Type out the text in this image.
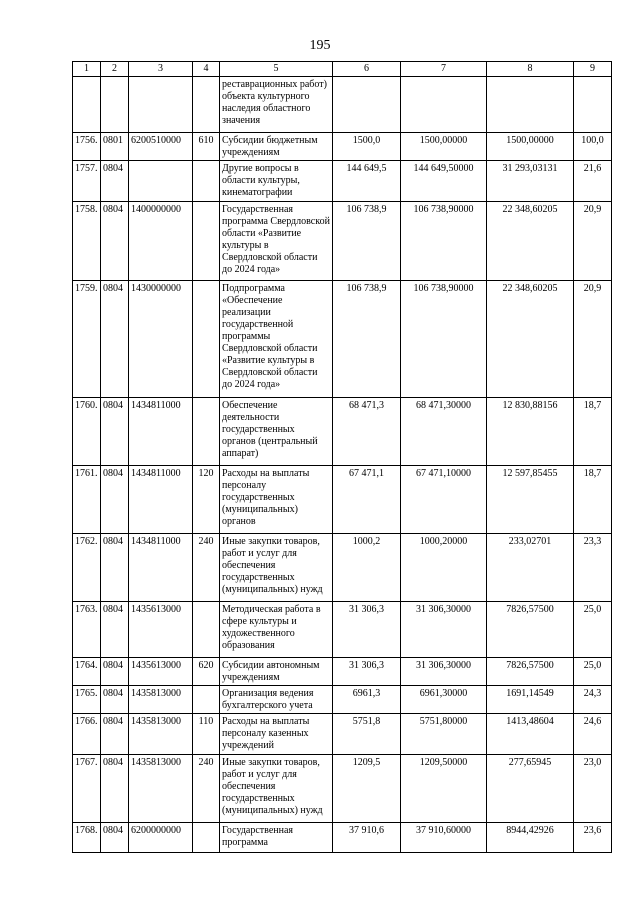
195
1	2	3	4	5	6	7	8	9
				реставрационных работ) объекта культурного наследия областного значения				
1756.	0801	6200510000	610	Субсидии бюджетным учреждениям	1500,0	1500,00000	1500,00000	100,0
1757.	0804			Другие вопросы в области культуры, кинематографии	144 649,5	144 649,50000	31 293,03131	21,6
1758.	0804	1400000000		Государственная программа Свердловской области «Развитие культуры в Свердловской области до 2024 года»	106 738,9	106 738,90000	22 348,60205	20,9
1759.	0804	1430000000		Подпрограмма «Обеспечение реализации государственной программы Свердловской области «Развитие культуры в Свердловской области до 2024 года»	106 738,9	106 738,90000	22 348,60205	20,9
1760.	0804	1434811000		Обеспечение деятельности государственных органов (центральный аппарат)	68 471,3	68 471,30000	12 830,88156	18,7
1761.	0804	1434811000	120	Расходы на выплаты персоналу государственных (муниципальных) органов	67 471,1	67 471,10000	12 597,85455	18,7
1762.	0804	1434811000	240	Иные закупки товаров, работ и услуг для обеспечения государственных (муниципальных) нужд	1000,2	1000,20000	233,02701	23,3
1763.	0804	1435613000		Методическая работа в сфере культуры и художественного образования	31 306,3	31 306,30000	7826,57500	25,0
1764.	0804	1435613000	620	Субсидии автономным учреждениям	31 306,3	31 306,30000	7826,57500	25,0
1765.	0804	1435813000		Организация ведения бухгалтерского учета	6961,3	6961,30000	1691,14549	24,3
1766.	0804	1435813000	110	Расходы на выплаты персоналу казенных учреждений	5751,8	5751,80000	1413,48604	24,6
1767.	0804	1435813000	240	Иные закупки товаров, работ и услуг для обеспечения государственных (муниципальных) нужд	1209,5	1209,50000	277,65945	23,0
1768.	0804	6200000000		Государственная программа	37 910,6	37 910,60000	8944,42926	23,6
